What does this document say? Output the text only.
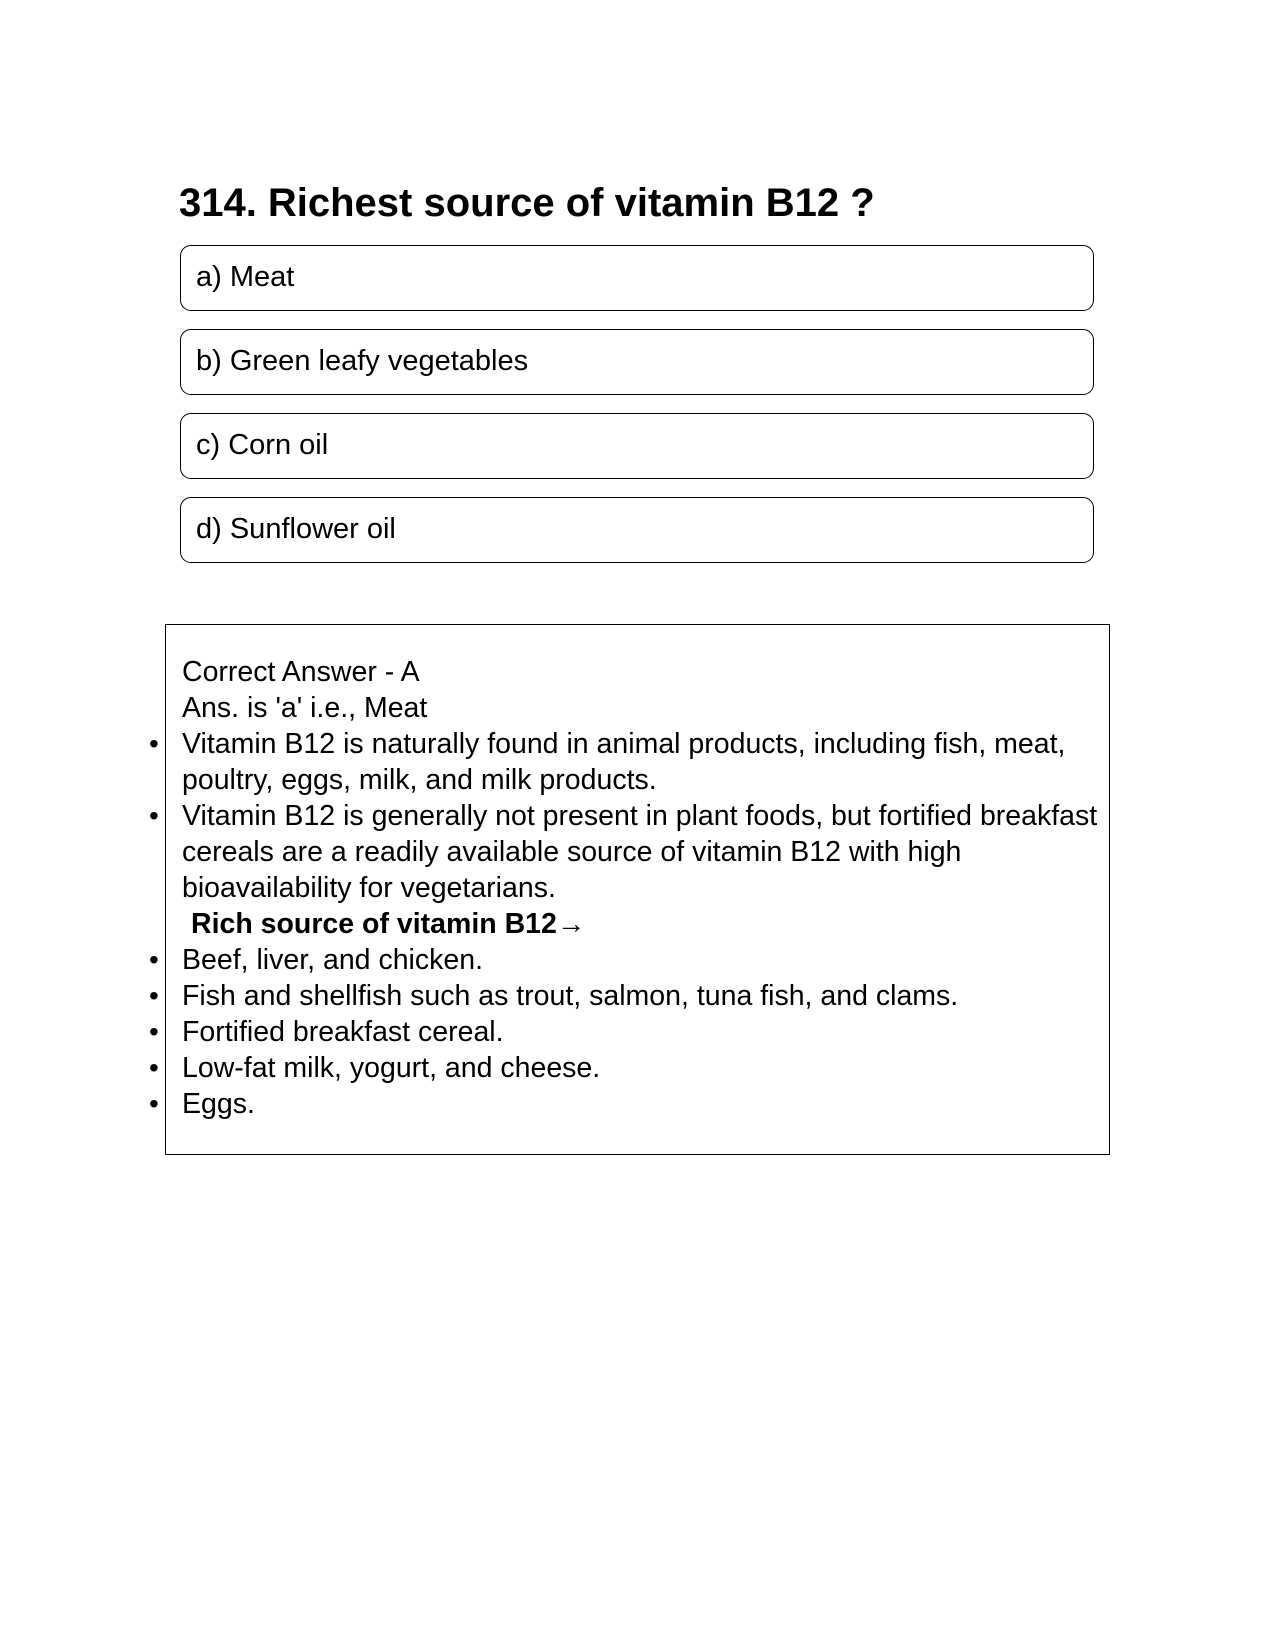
314. Richest source of vitamin B12 ?
a) Meat
b) Green leafy vegetables
c) Corn oil
d) Sunflower oil
Correct Answer - A
Ans. is 'a' i.e., Meat
• Vitamin B12 is naturally found in animal products, including fish, meat, poultry, eggs, milk, and milk products.
• Vitamin B12 is generally not present in plant foods, but fortified breakfast cereals are a readily available source of vitamin B12 with high bioavailability for vegetarians.
Rich source of vitamin B12→
• Beef, liver, and chicken.
• Fish and shellfish such as trout, salmon, tuna fish, and clams.
• Fortified breakfast cereal.
• Low-fat milk, yogurt, and cheese.
• Eggs.
